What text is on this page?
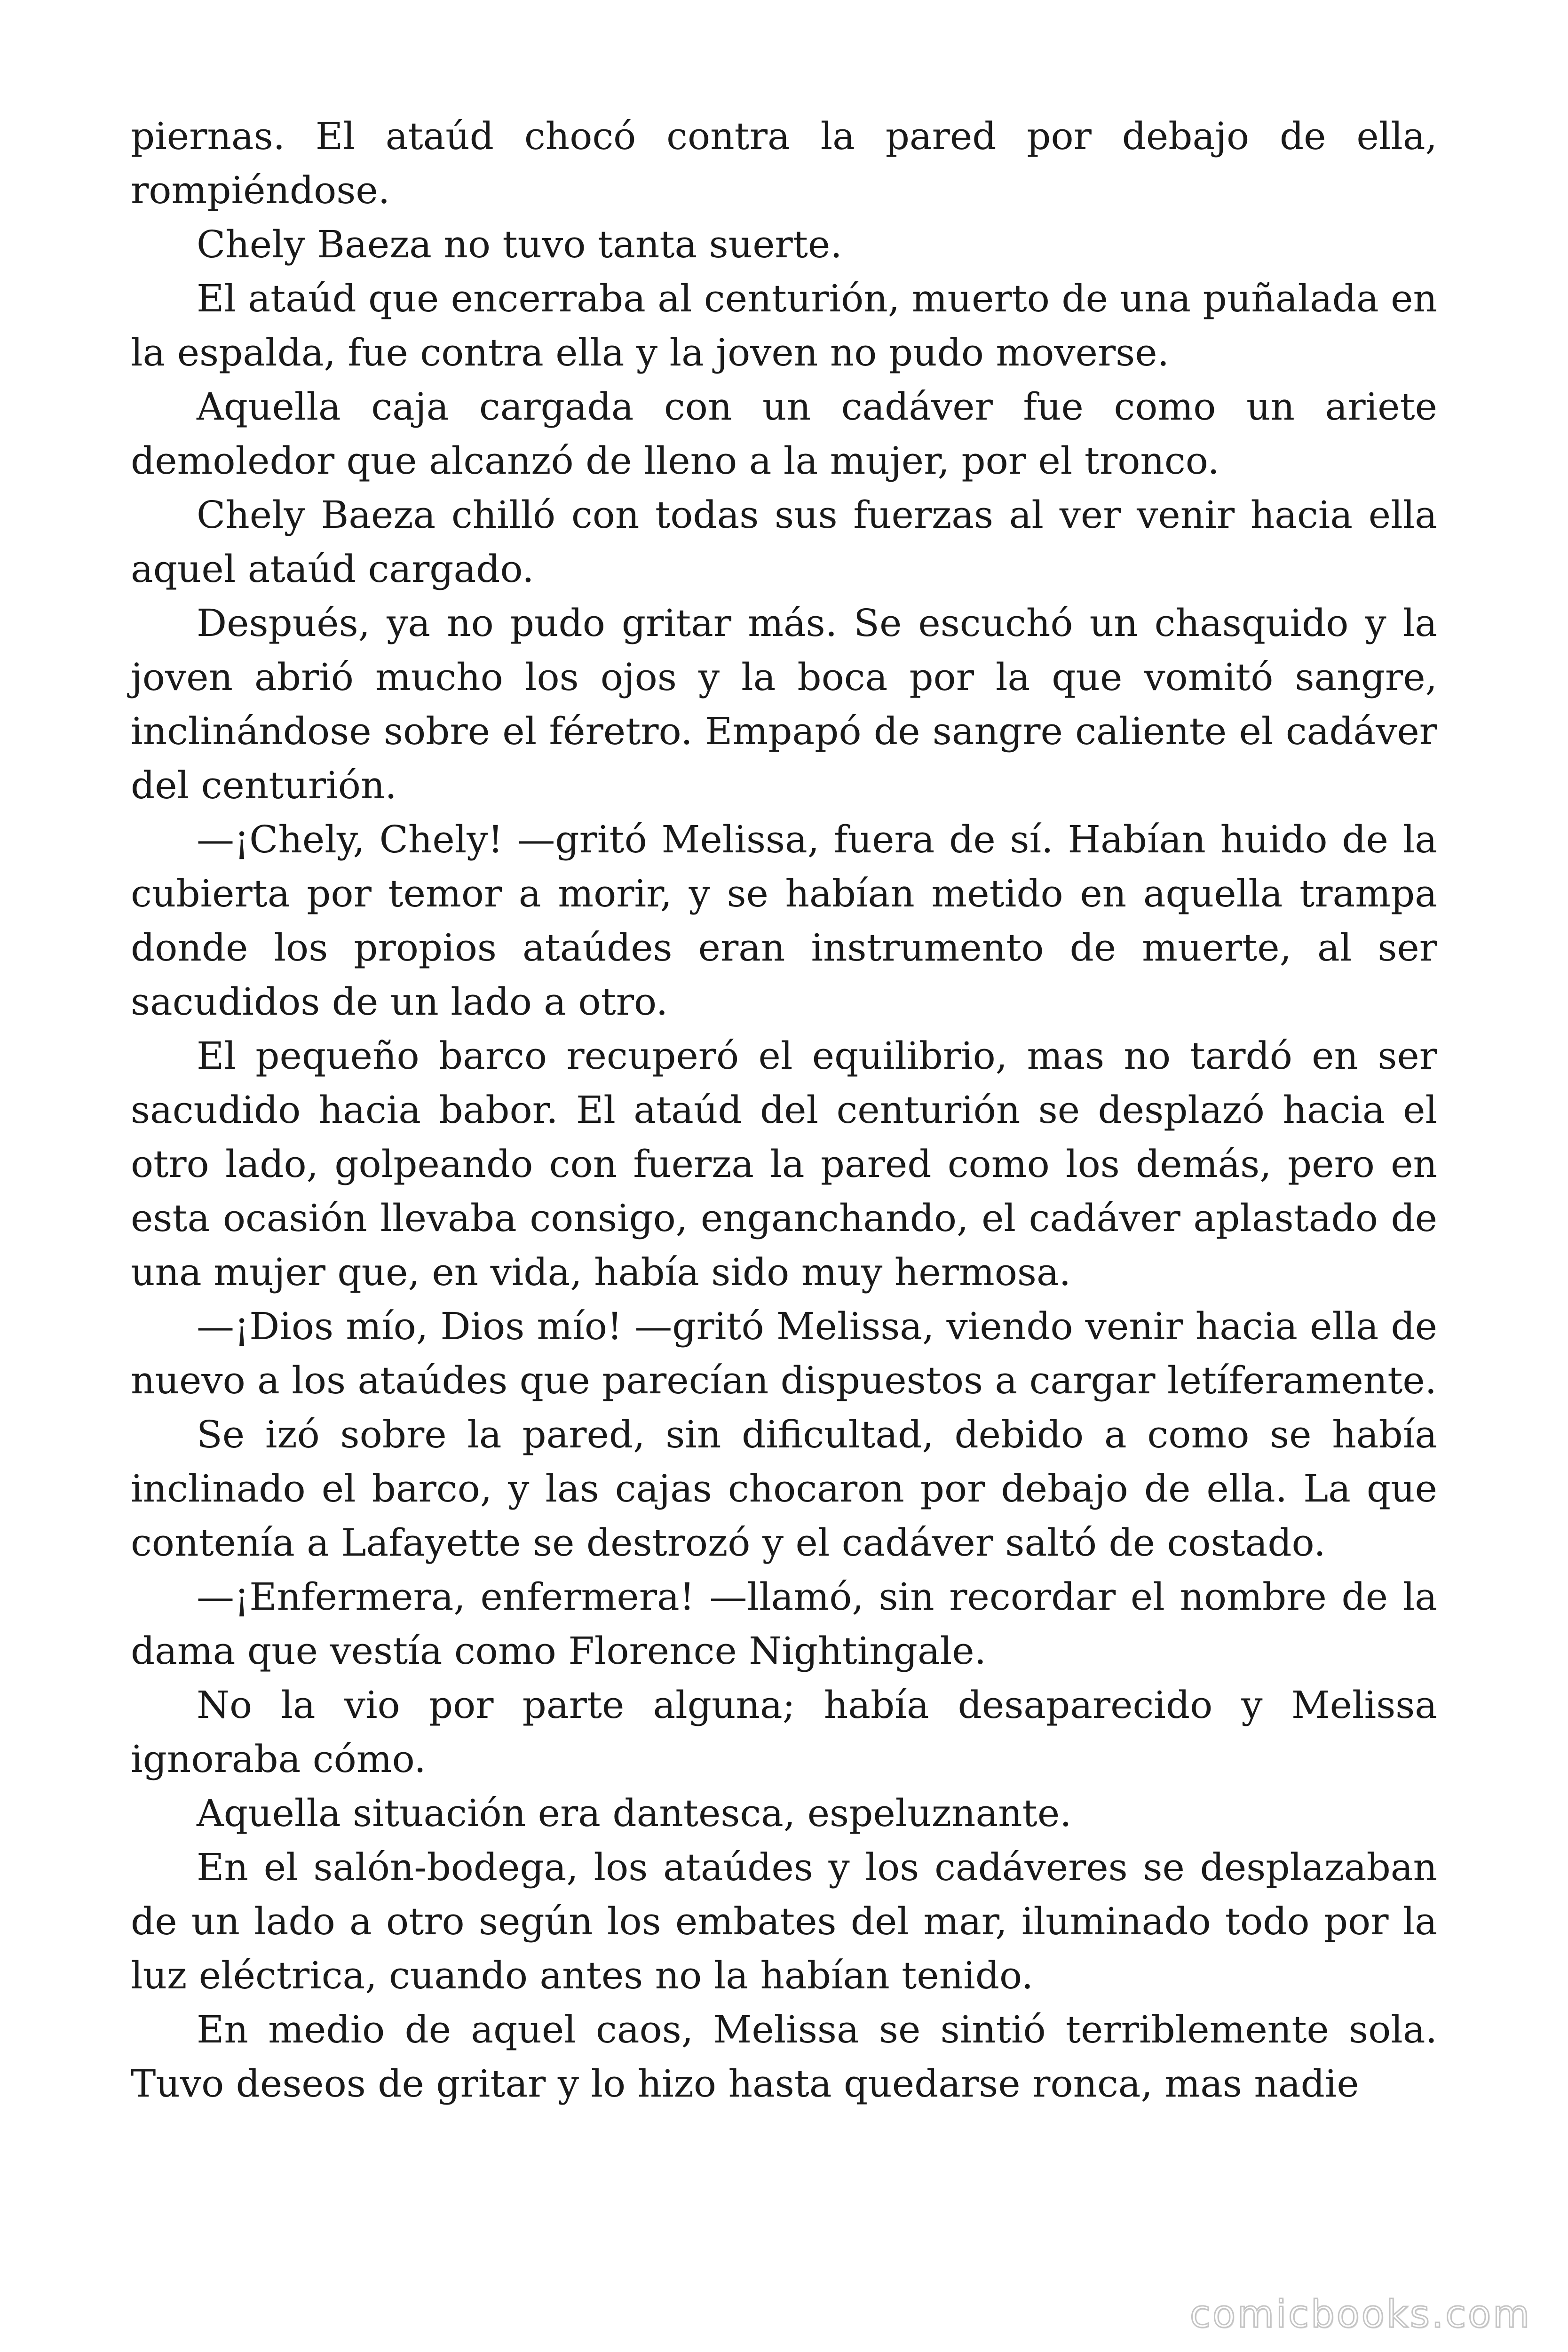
piernas. El ataúd chocó contra la pared por debajo de ella, rompiéndose.

Chely Baeza no tuvo tanta suerte.

El ataúd que encerraba al centurión, muerto de una puñalada en la espalda, fue contra ella y la joven no pudo moverse.

Aquella caja cargada con un cadáver fue como un ariete demoledor que alcanzó de lleno a la mujer, por el tronco.

Chely Baeza chilló con todas sus fuerzas al ver venir hacia ella aquel ataúd cargado.

Después, ya no pudo gritar más. Se escuchó un chasquido y la joven abrió mucho los ojos y la boca por la que vomitó sangre, inclinándose sobre el féretro. Empapó de sangre caliente el cadáver del centurión.

—¡Chely, Chely! —gritó Melissa, fuera de sí. Habían huido de la cubierta por temor a morir, y se habían metido en aquella trampa donde los propios ataúdes eran instrumento de muerte, al ser sacudidos de un lado a otro.

El pequeño barco recuperó el equilibrio, mas no tardó en ser sacudido hacia babor. El ataúd del centurión se desplazó hacia el otro lado, golpeando con fuerza la pared como los demás, pero en esta ocasión llevaba consigo, enganchando, el cadáver aplastado de una mujer que, en vida, había sido muy hermosa.

—¡Dios mío, Dios mío! —gritó Melissa, viendo venir hacia ella de nuevo a los ataúdes que parecían dispuestos a cargar letíferamente.

Se izó sobre la pared, sin dificultad, debido a como se había inclinado el barco, y las cajas chocaron por debajo de ella. La que contenía a Lafayette se destrozó y el cadáver saltó de costado.

—¡Enfermera, enfermera! —llamó, sin recordar el nombre de la dama que vestía como Florence Nightingale.

No la vio por parte alguna; había desaparecido y Melissa ignoraba cómo.

Aquella situación era dantesca, espeluznante.

En el salón-bodega, los ataúdes y los cadáveres se desplazaban de un lado a otro según los embates del mar, iluminado todo por la luz eléctrica, cuando antes no la habían tenido.

En medio de aquel caos, Melissa se sintió terriblemente sola. Tuvo deseos de gritar y lo hizo hasta quedarse ronca, mas nadie

comicbooks.com
